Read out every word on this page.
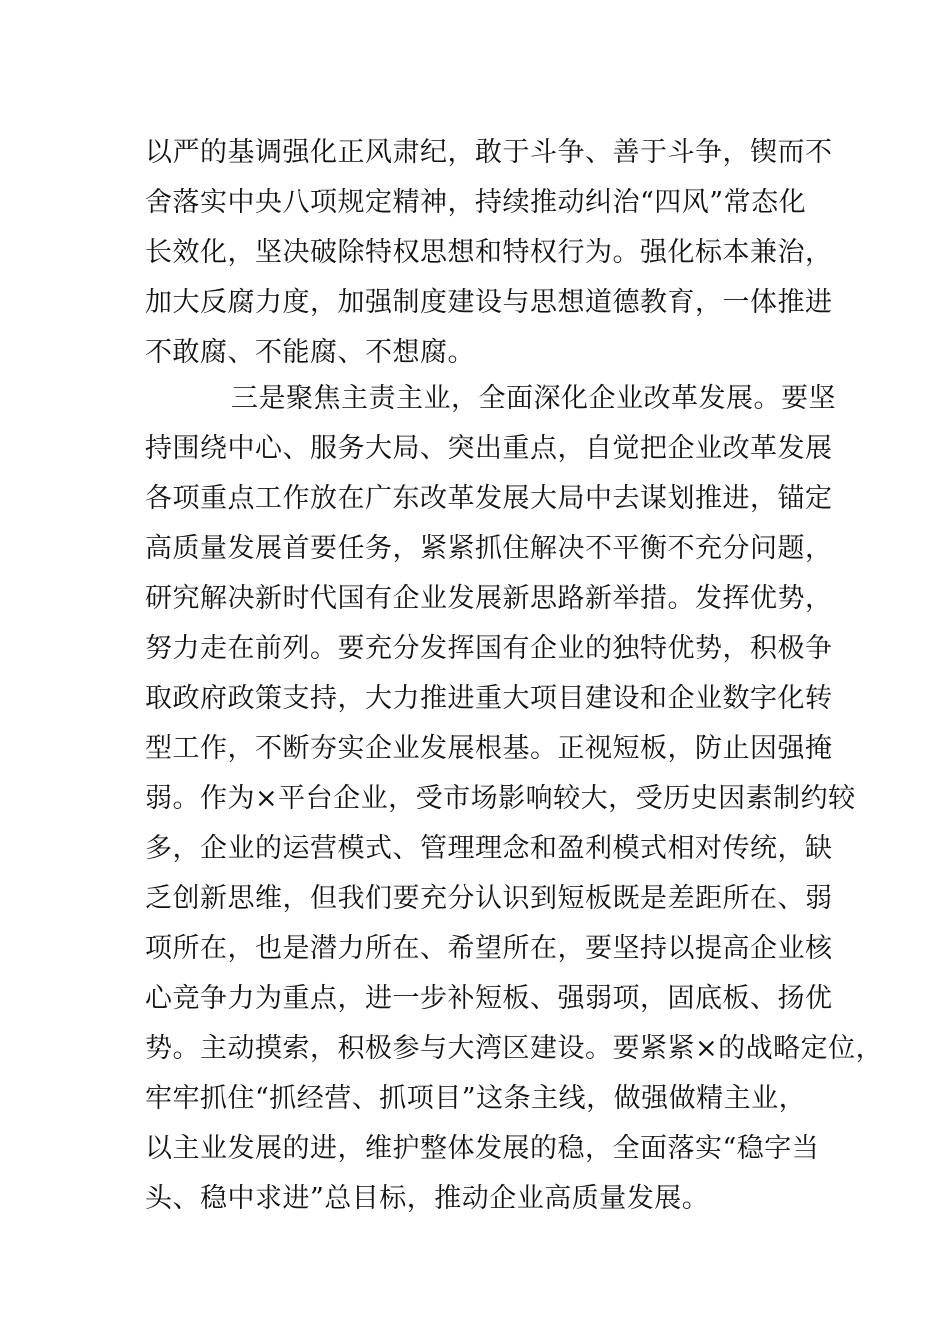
以严的基调强化正风肃纪，敢于斗争、善于斗争，锲而不
舍落实中央八项规定精神，持续推动纠治“四风”常态化
长效化，坚决破除特权思想和特权行为。强化标本兼治，
加大反腐力度，加强制度建设与思想道德教育，一体推进
不敢腐、不能腐、不想腐。
三是聚焦主责主业，全面深化企业改革发展。要坚
持围绕中心、服务大局、突出重点，自觉把企业改革发展
各项重点工作放在广东改革发展大局中去谋划推进，锚定
高质量发展首要任务，紧紧抓住解决不平衡不充分问题，
研究解决新时代国有企业发展新思路新举措。发挥优势，
努力走在前列。要充分发挥国有企业的独特优势，积极争
取政府政策支持，大力推进重大项目建设和企业数字化转
型工作，不断夯实企业发展根基。正视短板，防止因强掩
弱。作为×平台企业，受市场影响较大，受历史因素制约较
多，企业的运营模式、管理理念和盈利模式相对传统，缺
乏创新思维，但我们要充分认识到短板既是差距所在、弱
项所在，也是潜力所在、希望所在，要坚持以提高企业核
心竞争力为重点，进一步补短板、强弱项，固底板、扬优
势。主动摸索，积极参与大湾区建设。要紧紧×的战略定位，
牢牢抓住“抓经营、抓项目”这条主线，做强做精主业，
以主业发展的进，维护整体发展的稳，全面落实“稳字当
头、稳中求进”总目标，推动企业高质量发展。
